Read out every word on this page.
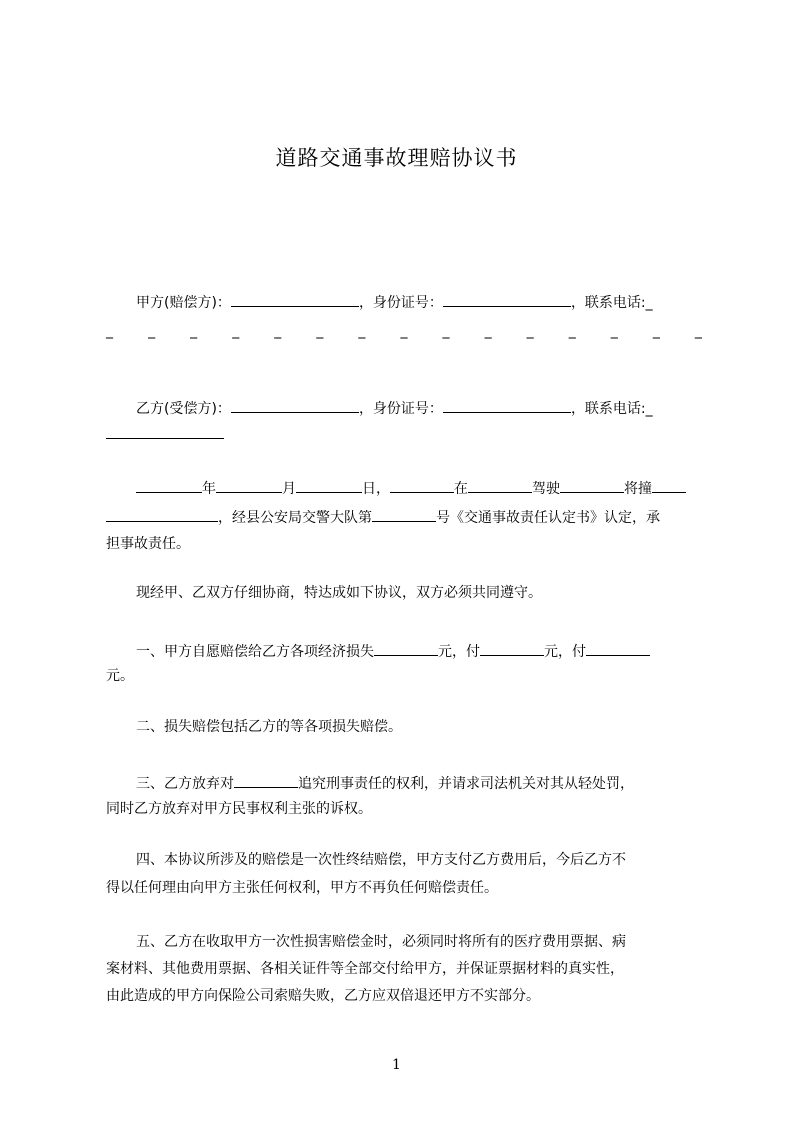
道路交通事故理赔协议书
甲方(赔偿方)：	，身份证号：	，联系电话:_
_	_	_	_	_	_	_	_	_	_	_	_	_	_	_
乙方(受偿方)：	，身份证号：	，联系电话:_
年	月	日，	在	驾驶	将撞
，经县公安局交警大队第	号《交通事故责任认定书》认定，承
担事故责任。
现经甲、乙双方仔细协商，特达成如下协议，双方必须共同遵守。
一、甲方自愿赔偿给乙方各项经济损失	元，付	元，付
元。
二、损失赔偿包括乙方的等各项损失赔偿。
三、乙方放弃对	追究刑事责任的权利，并请求司法机关对其从轻处罚，
同时乙方放弃对甲方民事权利主张的诉权。
四、本协议所涉及的赔偿是一次性终结赔偿，甲方支付乙方费用后，今后乙方不
得以任何理由向甲方主张任何权利，甲方不再负任何赔偿责任。
五、乙方在收取甲方一次性损害赔偿金时，必须同时将所有的医疗费用票据、病
案材料、其他费用票据、各相关证件等全部交付给甲方，并保证票据材料的真实性，
由此造成的甲方向保险公司索赔失败，乙方应双倍退还甲方不实部分。
1
